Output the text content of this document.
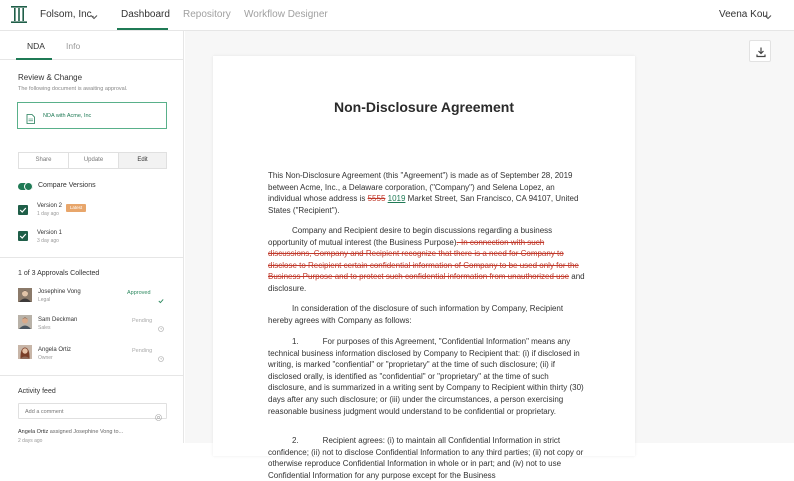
Folsom, Inc.	Dashboard Repository Workflow Designer	Veena Kou
NDA Info
Review & Change
The following document is awaiting approval.
NDA with Acme, Inc
Share	Update	Edit
Compare Versions
Version 2	Latest
1 day ago
Version 1
3 day ago
1 of 3 Approvals Collected
Josephine Vong
Legal
Approved
Sam Deckman
Sales
Pending
Angela Ortiz
Owner
Pending
Activity feed
Add a comment
Angela Ortiz assigned Josephine Vong to...
2 days ago
Non-Disclosure Agreement
This Non-Disclosure Agreement (this "Agreement") is made as of September 28, 2019 between Acme, Inc., a Delaware corporation, ("Company") and Selena Lopez, an individual whose address is 5555 1019 Market Street, San Francisco, CA 94107, United States ("Recipient").
Company and Recipient desire to begin discussions regarding a business opportunity of mutual interest (the Business Purpose). In connection with such discussions, Company and Recipient recognize that there is a need for Company to disclose to Recipient certain confidential information of Company to be used only for the Business Purpose and to protect such confidential information from unauthorized use and disclosure.
In consideration of the disclosure of such information by Company, Recipient hereby agrees with Company as follows:
1.	For purposes of this Agreement, "Confidential Information" means any technical business information disclosed by Company to Recipient that: (i) if disclosed in writing, is marked "confiential" or "proprietary" at the time of such disclosure; (ii) if disclosed orally, is identified as "confidential" or "proprietary" at the time of such disclosure, and is summarized in a writing sent by Company to Recipient within thirty (30) days after any such disclosure; or (iii) under the circumstances, a person exercising reasonable business judgment would understand to be confidential or proprietary.
2.	Recipient agrees: (i) to maintain all Confidential Information in strict confidence; (ii) not to disclose Confidential Information to any third parties; (ii) not copy or otherwise reproduce Confidential Information in whole or in part; and (iv) not to use Confidential Information for any purpose except for the Business
